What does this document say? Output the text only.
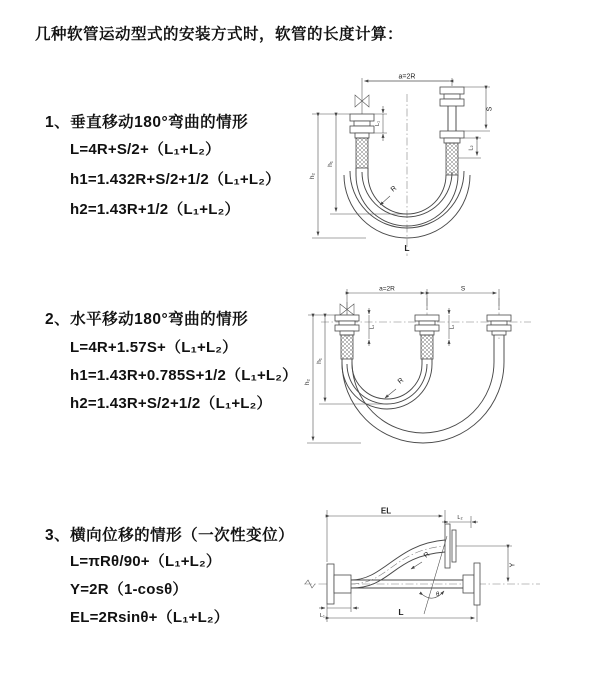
几种软管运动型式的安装方式时，软管的长度计算：
1、垂直移动180°弯曲的情形
L=4R+S/2+（L₁+L₂）
h1=1.432R+S/2+1/2（L₁+L₂）
h2=1.43R+1/2（L₁+L₂）
2、水平移动180°弯曲的情形
L=4R+1.57S+（L₁+L₂）
h1=1.43R+0.785S+1/2（L₁+L₂）
h2=1.43R+S/2+1/2（L₁+L₂）
3、横向位移的情形（一次性变位）
L=πRθ/90+（L₁+L₂）
Y=2R（1-cosθ）
EL=2Rsinθ+（L₁+L₂）
a=2R
L₁
S
L₂
h₁
h₂
R
L
a=2R	S
L₁	L₂
h₁
h₂	R
EL
L₂
θ
R
Y
L₁	L
